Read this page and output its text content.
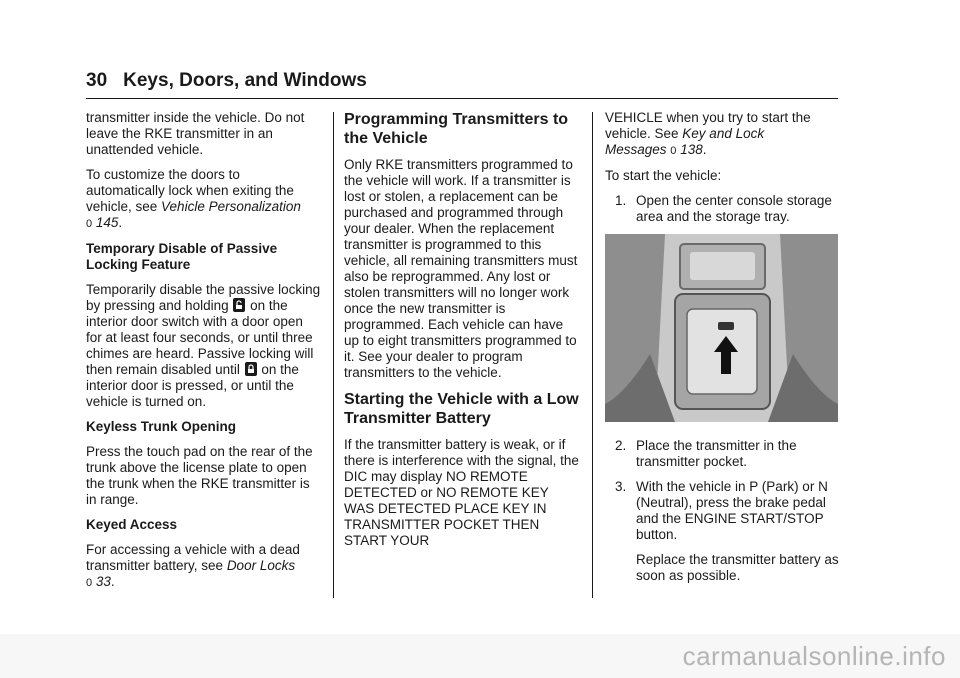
30 Keys, Doors, and Windows

transmitter inside the vehicle. Do not leave the RKE transmitter in an unattended vehicle.

To customize the doors to automatically lock when exiting the vehicle, see Vehicle Personalization
0 145.

Temporary Disable of Passive Locking Feature

Temporarily disable the passive locking by pressing and holding on the interior door switch with a door open for at least four seconds, or until three chimes are heard. Passive locking will then remain disabled until on the interior door is pressed, or until the vehicle is turned on.

Keyless Trunk Opening

Press the touch pad on the rear of the trunk above the license plate to open the trunk when the RKE transmitter is in range.

Keyed Access

For accessing a vehicle with a dead transmitter battery, see Door Locks
0 33.

Programming Transmitters to the Vehicle

Only RKE transmitters programmed to the vehicle will work. If a transmitter is lost or stolen, a replacement can be purchased and programmed through your dealer. When the replacement transmitter is programmed to this vehicle, all remaining transmitters must also be reprogrammed. Any lost or stolen transmitters will no longer work once the new transmitter is programmed. Each vehicle can have up to eight transmitters programmed to it. See your dealer to program transmitters to the vehicle.

Starting the Vehicle with a Low Transmitter Battery

If the transmitter battery is weak, or if there is interference with the signal, the DIC may display NO REMOTE DETECTED or NO REMOTE KEY WAS DETECTED PLACE KEY IN TRANSMITTER POCKET THEN START YOUR

VEHICLE when you try to start the vehicle. See Key and Lock Messages 0 138.

To start the vehicle:

1. Open the center console storage area and the storage tray.
2. Place the transmitter in the transmitter pocket.
3. With the vehicle in P (Park) or N (Neutral), press the brake pedal and the ENGINE START/STOP button.

Replace the transmitter battery as soon as possible.
carmanualsonline.info
